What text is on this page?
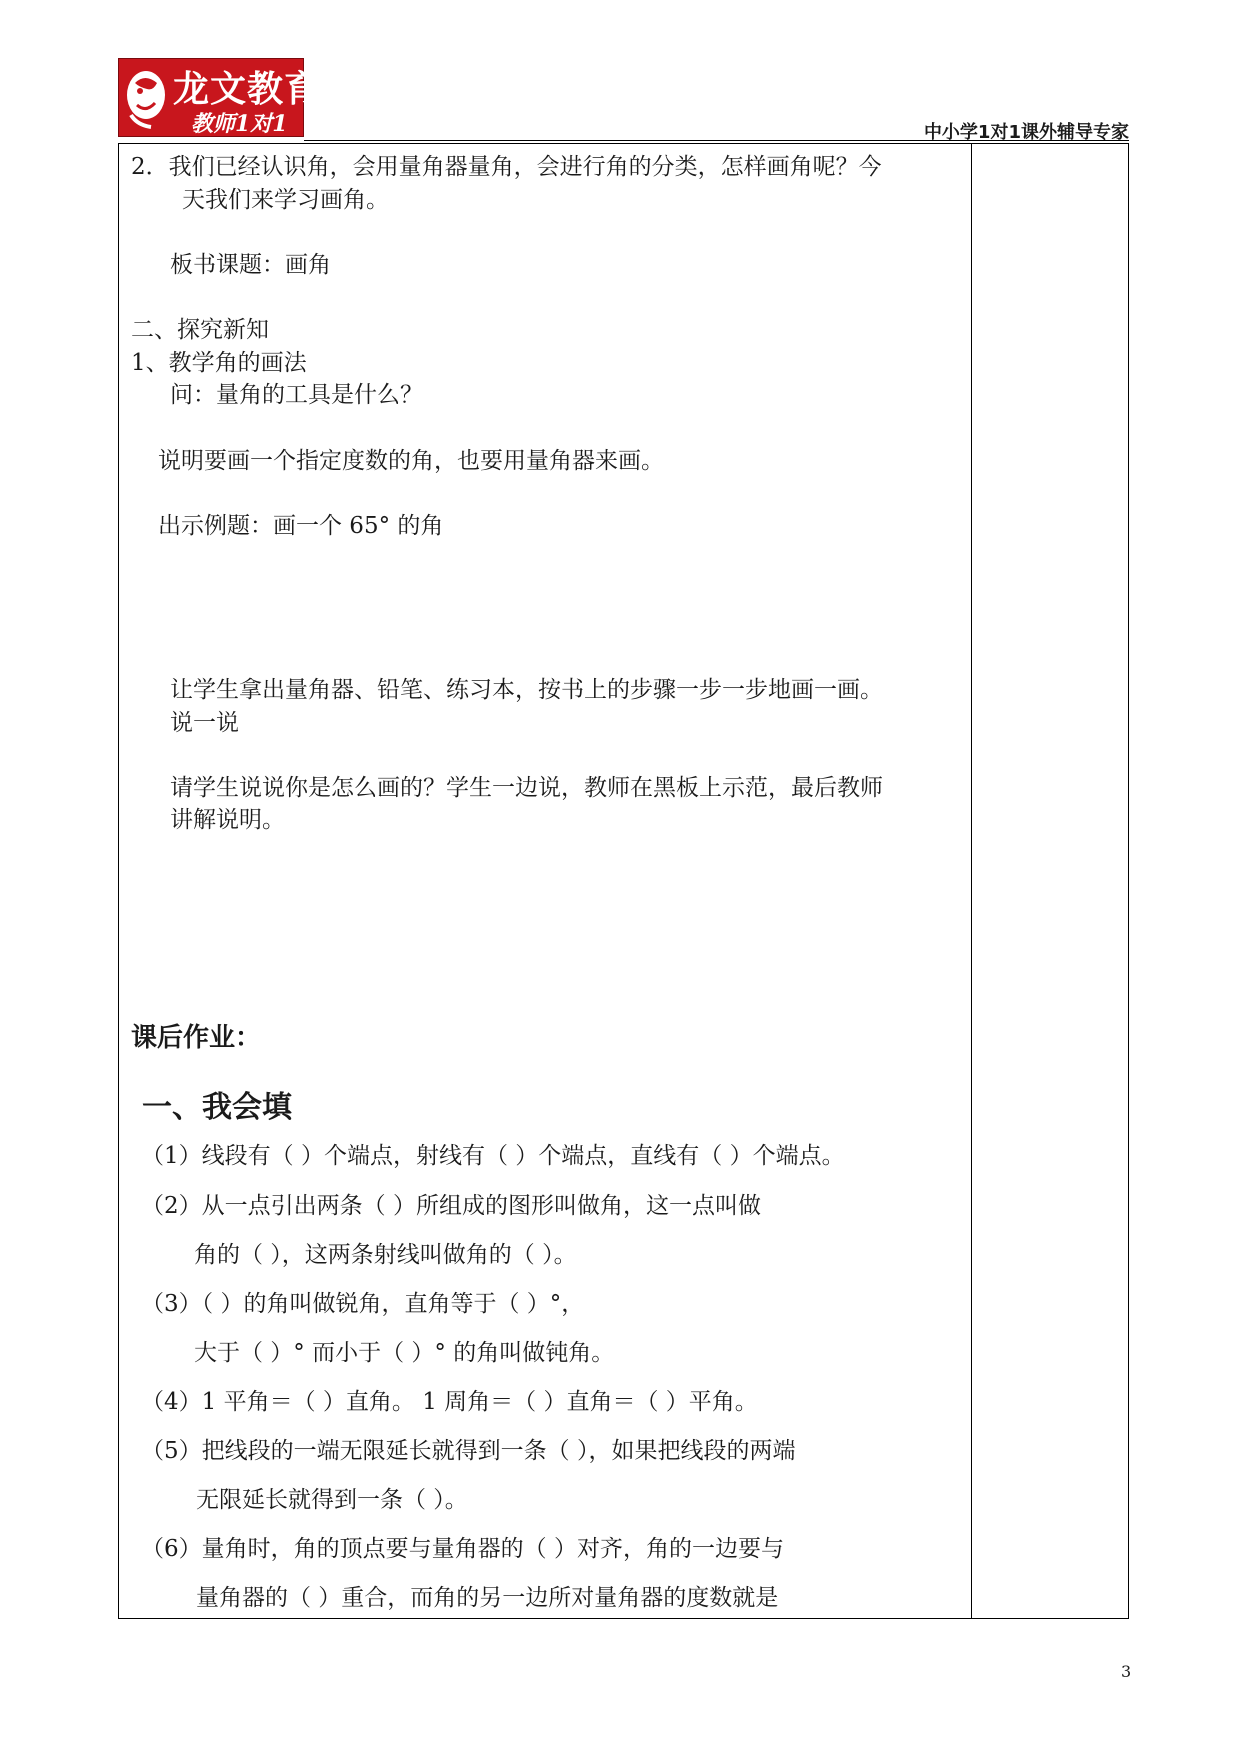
龙文教育
教师1对1	中小学1对1课外辅导专家
2．我们已经认识角，会用量角器量角，会进行角的分类，怎样画角呢？今
天我们来学习画角。
板书课题：画角
二、探究新知
1、教学角的画法
问：量角的工具是什么？
说明要画一个指定度数的角，也要用量角器来画。
出示例题：画一个 65° 的角
让学生拿出量角器、铅笔、练习本，按书上的步骤一步一步地画一画。
说一说
请学生说说你是怎么画的？学生一边说，教师在黑板上示范，最后教师
讲解说明。
课后作业：
一、我会填
（1）线段有（ ）个端点，射线有（ ）个端点，直线有（ ）个端点。
（2）从一点引出两条（ ）所组成的图形叫做角，这一点叫做
角的（ ），这两条射线叫做角的（ ）。
（3）（ ）的角叫做锐角，直角等于（ ）°，
大于（ ）° 而小于（ ）° 的角叫做钝角。
（4）1 平角＝（ ）直角。 1 周角＝（ ）直角＝（ ）平角。
（5）把线段的一端无限延长就得到一条（ ），如果把线段的两端
无限延长就得到一条（ ）。
（6）量角时，角的顶点要与量角器的（ ）对齐，角的一边要与
量角器的（ ）重合，而角的另一边所对量角器的度数就是
3
